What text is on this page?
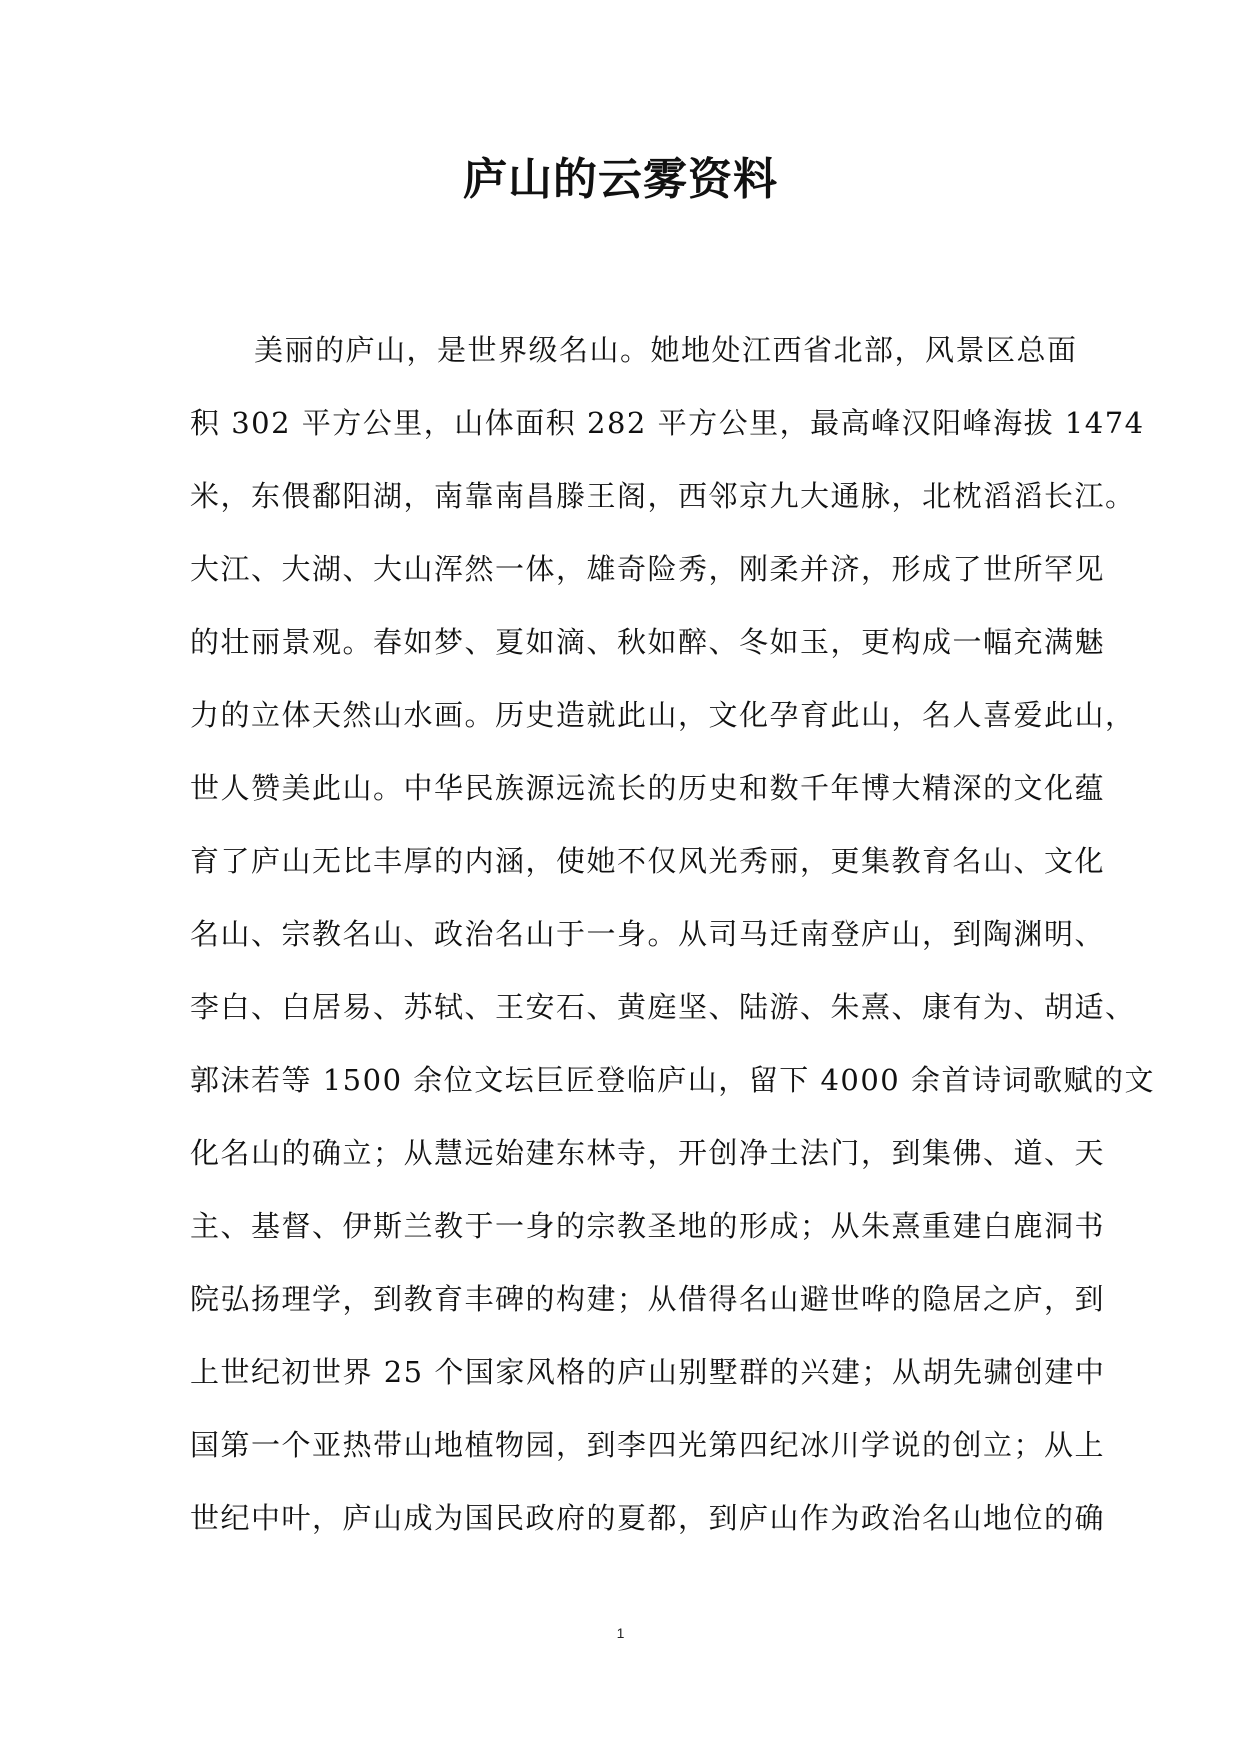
庐山的云雾资料
美丽的庐山，是世界级名山。她地处江西省北部，风景区总面
积 302 平方公里，山体面积 282 平方公里，最高峰汉阳峰海拔 1474
米，东偎鄱阳湖，南靠南昌滕王阁，西邻京九大通脉，北枕滔滔长江。
大江、大湖、大山浑然一体，雄奇险秀，刚柔并济，形成了世所罕见
的壮丽景观。春如梦、夏如滴、秋如醉、冬如玉，更构成一幅充满魅
力的立体天然山水画。历史造就此山，文化孕育此山，名人喜爱此山，
世人赞美此山。中华民族源远流长的历史和数千年博大精深的文化蕴
育了庐山无比丰厚的内涵，使她不仅风光秀丽，更集教育名山、文化
名山、宗教名山、政治名山于一身。从司马迁南登庐山，到陶渊明、
李白、白居易、苏轼、王安石、黄庭坚、陆游、朱熹、康有为、胡适、
郭沫若等 1500 余位文坛巨匠登临庐山，留下 4000 余首诗词歌赋的文
化名山的确立；从慧远始建东林寺，开创净土法门，到集佛、道、天
主、基督、伊斯兰教于一身的宗教圣地的形成；从朱熹重建白鹿洞书
院弘扬理学，到教育丰碑的构建；从借得名山避世哗的隐居之庐，到
上世纪初世界 25 个国家风格的庐山别墅群的兴建；从胡先骕创建中
国第一个亚热带山地植物园，到李四光第四纪冰川学说的创立；从上
世纪中叶，庐山成为国民政府的夏都，到庐山作为政治名山地位的确
1
